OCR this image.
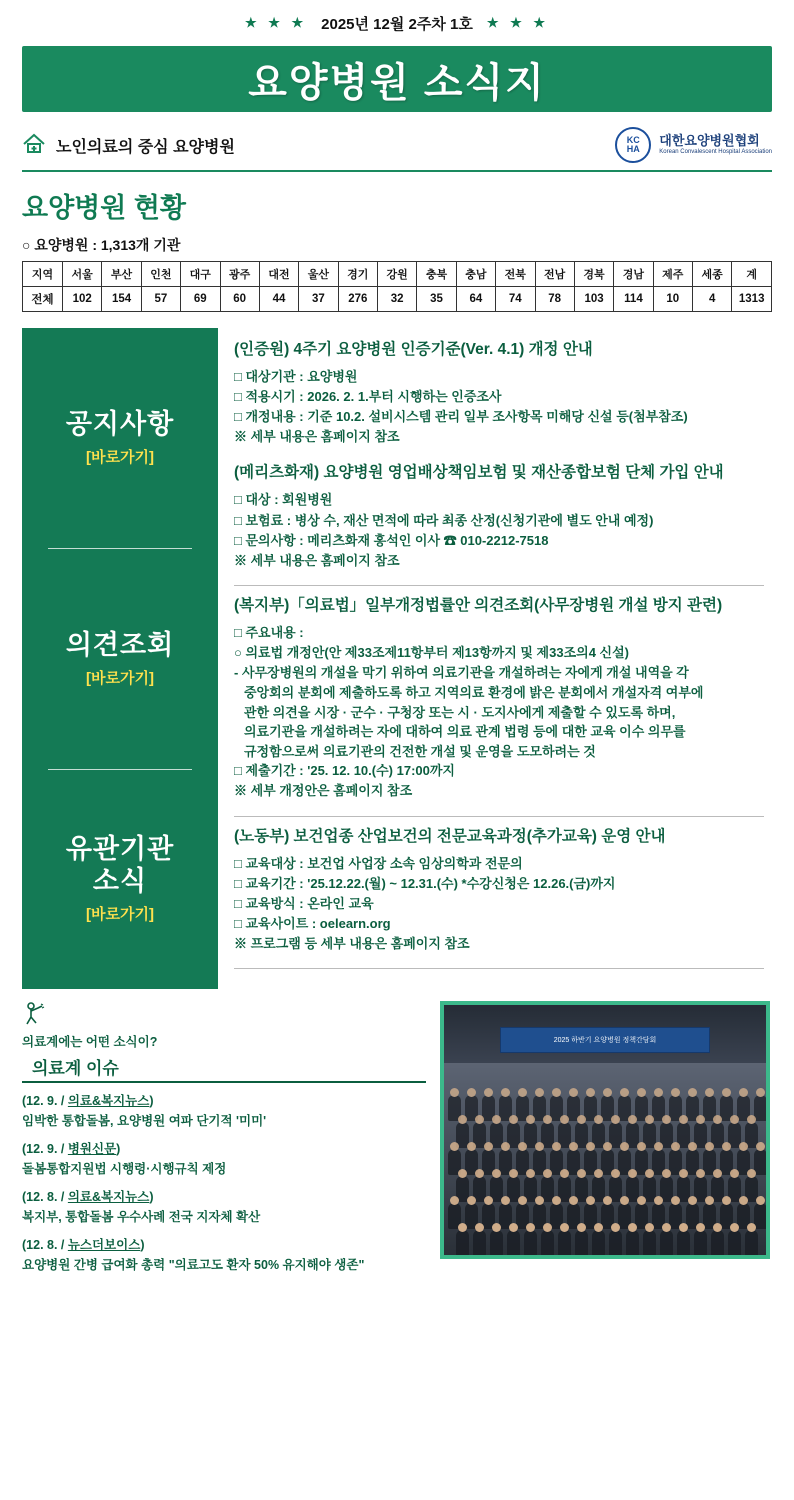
★ ★ ★ 2025년 12월 2주차 1호 ★ ★ ★
요양병원 소식지
노인의료의 중심 요양병원	KC
HA
대한요양병원협회
Korean Convalescent Hospital Association
요양병원 현황
○ 요양병원 : 1,313개 기관
지역	서울	부산	인천	대구	광주	대전	울산	경기	강원	충북	충남	전북	전남	경북	경남	제주	세종	계
전체	102	154	57	69	60	44	37	276	32	35	64	74	78	103	114	10	4	1313
공지사항
[바로가기]
의견조회
[바로가기]
유관기관
소식
[바로가기]
(인증원) 4주기 요양병원 인증기준(Ver. 4.1) 개정 안내
□ 대상기관 : 요양병원
□ 적용시기 : 2026. 2. 1.부터 시행하는 인증조사
□ 개정내용 : 기준 10.2. 설비시스템 관리 일부 조사항목 미해당 신설 등(첨부참조)
※ 세부 내용은 홈페이지 참조
(메리츠화재) 요양병원 영업배상책임보험 및 재산종합보험 단체 가입 안내
□ 대상 : 회원병원
□ 보험료 : 병상 수, 재산 면적에 따라 최종 산정(신청기관에 별도 안내 예정)
□ 문의사항 : 메리츠화재 홍석인 이사 ☎ 010-2212-7518
※ 세부 내용은 홈페이지 참조
(복지부)「의료법」일부개정법률안 의견조회(사무장병원 개설 방지 관련)
□ 주요내용 :
○ 의료법 개정안(안 제33조제11항부터 제13항까지 및 제33조의4 신설)
- 사무장병원의 개설을 막기 위하여 의료기관을 개설하려는 자에게 개설 내역을 각
중앙회의 분회에 제출하도록 하고 지역의료 환경에 밝은 분회에서 개설자격 여부에
관한 의견을 시장 · 군수 · 구청장 또는 시 · 도지사에게 제출할 수 있도록 하며,
의료기관을 개설하려는 자에 대하여 의료 관계 법령 등에 대한 교육 이수 의무를
규정함으로써 의료기관의 건전한 개설 및 운영을 도모하려는 것
□ 제출기간 : '25. 12. 10.(수) 17:00까지
※ 세부 개정안은 홈페이지 참조
(노동부) 보건업종 산업보건의 전문교육과정(추가교육) 운영 안내
□ 교육대상 : 보건업 사업장 소속 임상의학과 전문의
□ 교육기간 : '25.12.22.(월) ~ 12.31.(수) *수강신청은 12.26.(금)까지
□ 교육방식 : 온라인 교육
□ 교육사이트 : oelearn.org
※ 프로그램 등 세부 내용은 홈페이지 참조
의료계에는 어떤 소식이?
의료계 이슈
(12. 9. / 의료&복지뉴스)
임박한 통합돌봄, 요양병원 여파 단기적 '미미'
(12. 9. / 병원신문)
돌봄통합지원법 시행령·시행규칙 제정
(12. 8. / 의료&복지뉴스)
복지부, 통합돌봄 우수사례 전국 지자체 확산
(12. 8. / 뉴스더보이스)
요양병원 간병 급여화 총력 "의료고도 환자 50% 유지해야 생존"
2025 하반기 요양병원 정책간담회
